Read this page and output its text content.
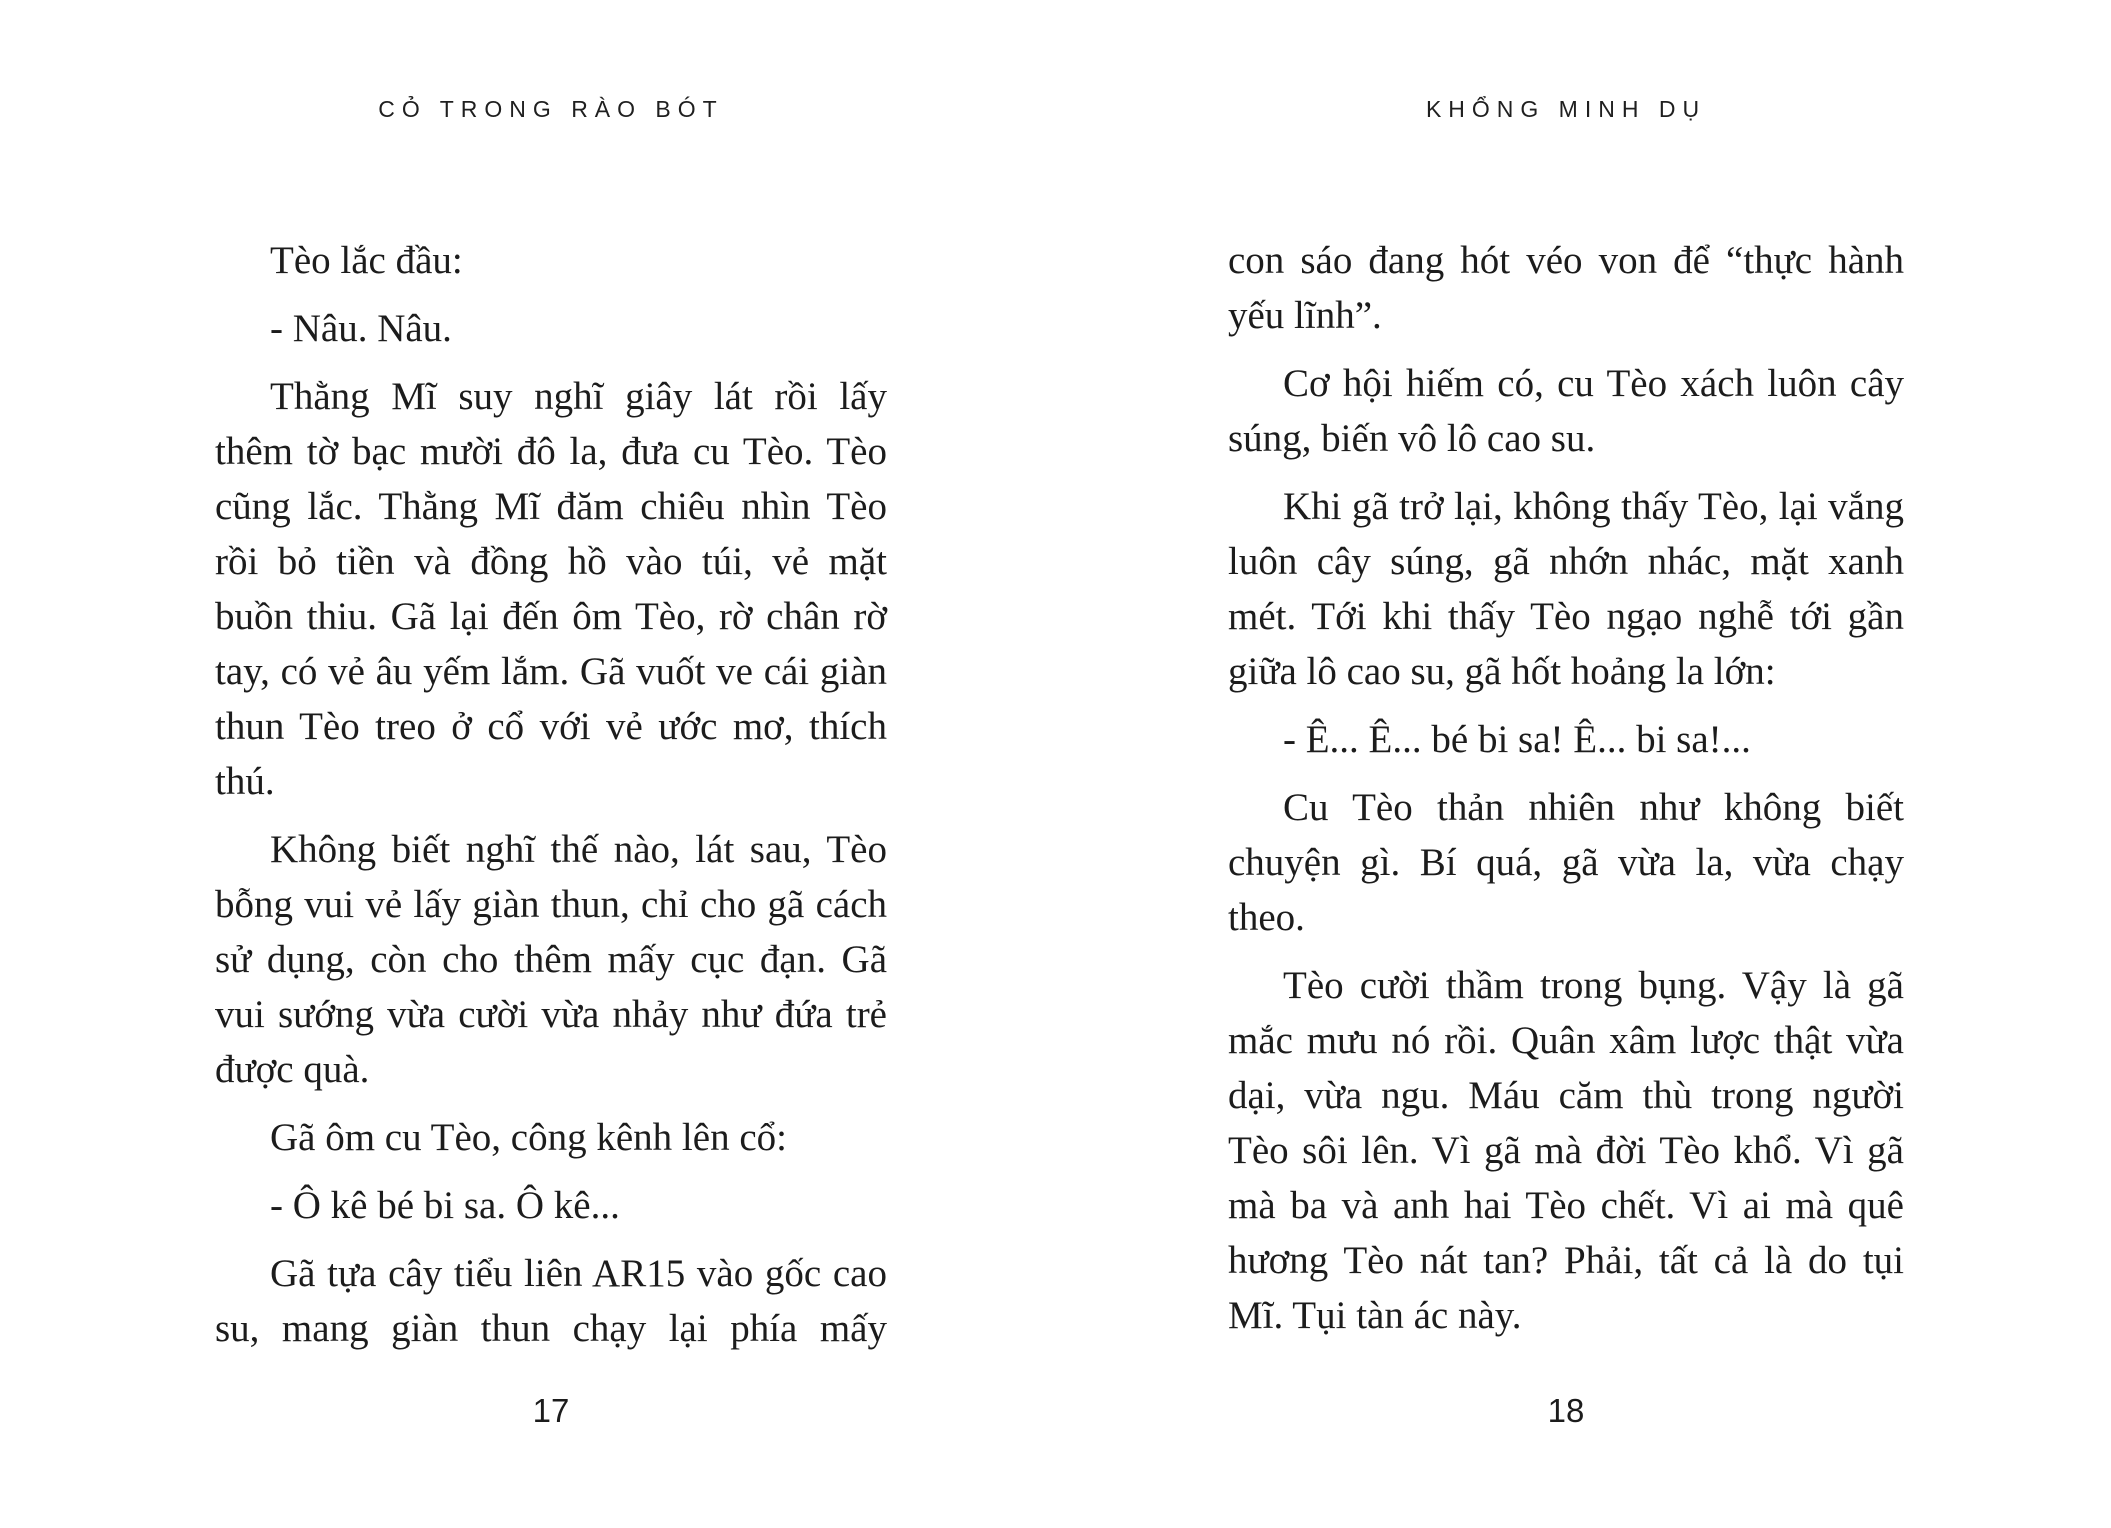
CỎ TRONG RÀO BÓT

Tèo lắc đầu:

- Nâu. Nâu.

Thằng Mĩ suy nghĩ giây lát rồi lấy thêm tờ bạc mười đô la, đưa cu Tèo. Tèo cũng lắc. Thằng Mĩ đăm chiêu nhìn Tèo rồi bỏ tiền và đồng hồ vào túi, vẻ mặt buồn thiu. Gã lại đến ôm Tèo, rờ chân rờ tay, có vẻ âu yếm lắm. Gã vuốt ve cái giàn thun Tèo treo ở cổ với vẻ ước mơ, thích thú.

Không biết nghĩ thế nào, lát sau, Tèo bỗng vui vẻ lấy giàn thun, chỉ cho gã cách sử dụng, còn cho thêm mấy cục đạn. Gã vui sướng vừa cười vừa nhảy như đứa trẻ được quà.

Gã ôm cu Tèo, công kênh lên cổ:

- Ô kê bé bi sa. Ô kê...

Gã tựa cây tiểu liên AR15 vào gốc cao su, mang giàn thun chạy lại phía mấy

17
KHỔNG MINH DỤ

con sáo đang hót véo von để “thực hành yếu lĩnh”.

Cơ hội hiếm có, cu Tèo xách luôn cây súng, biến vô lô cao su.

Khi gã trở lại, không thấy Tèo, lại vắng luôn cây súng, gã nhớn nhác, mặt xanh mét. Tới khi thấy Tèo ngạo nghễ tới gần giữa lô cao su, gã hốt hoảng la lớn:

- Ê... Ê... bé bi sa! Ê... bi sa!...

Cu Tèo thản nhiên như không biết chuyện gì. Bí quá, gã vừa la, vừa chạy theo.

Tèo cười thầm trong bụng. Vậy là gã mắc mưu nó rồi. Quân xâm lược thật vừa dại, vừa ngu. Máu căm thù trong người Tèo sôi lên. Vì gã mà đời Tèo khổ. Vì gã mà ba và anh hai Tèo chết. Vì ai mà quê hương Tèo nát tan? Phải, tất cả là do tụi Mĩ. Tụi tàn ác này.

18
